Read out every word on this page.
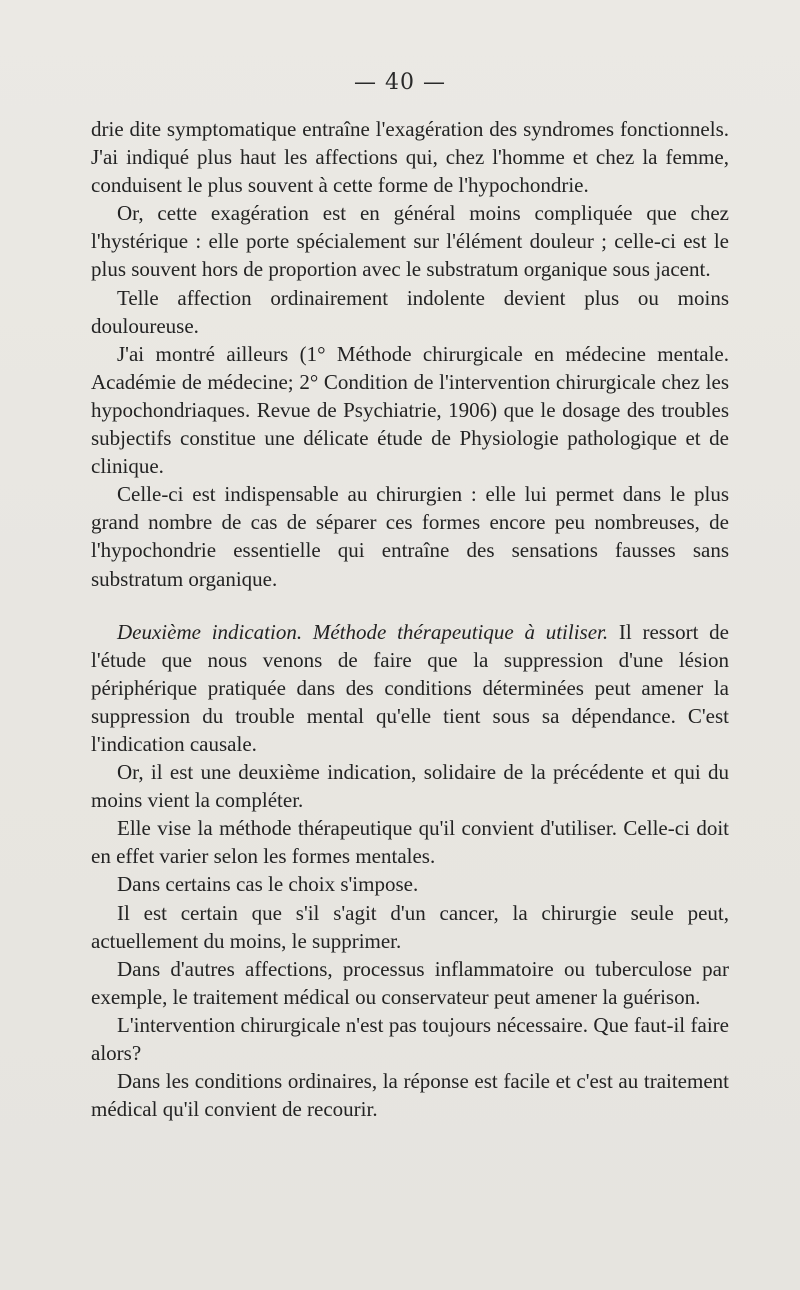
— 40 —

drie dite symptomatique entraîne l'exagération des syndromes fonctionnels. J'ai indiqué plus haut les affections qui, chez l'homme et chez la femme, conduisent le plus souvent à cette forme de l'hypochondrie.

Or, cette exagération est en général moins compliquée que chez l'hystérique : elle porte spécialement sur l'élément douleur ; celle-ci est le plus souvent hors de proportion avec le substratum organique sous jacent.

Telle affection ordinairement indolente devient plus ou moins douloureuse.

J'ai montré ailleurs (1° Méthode chirurgicale en médecine mentale. Académie de médecine; 2° Condition de l'intervention chirurgicale chez les hypochondriaques. Revue de Psychiatrie, 1906) que le dosage des troubles subjectifs constitue une délicate étude de Physiologie pathologique et de clinique.

Celle-ci est indispensable au chirurgien : elle lui permet dans le plus grand nombre de cas de séparer ces formes encore peu nombreuses, de l'hypochondrie essentielle qui entraîne des sensations fausses sans substratum organique.

Deuxième indication. Méthode thérapeutique à utiliser. Il ressort de l'étude que nous venons de faire que la suppression d'une lésion périphérique pratiquée dans des conditions déterminées peut amener la suppression du trouble mental qu'elle tient sous sa dépendance. C'est l'indication causale.

Or, il est une deuxième indication, solidaire de la précédente et qui du moins vient la compléter.

Elle vise la méthode thérapeutique qu'il convient d'utiliser. Celle-ci doit en effet varier selon les formes mentales.

Dans certains cas le choix s'impose.

Il est certain que s'il s'agit d'un cancer, la chirurgie seule peut, actuellement du moins, le supprimer.

Dans d'autres affections, processus inflammatoire ou tuberculose par exemple, le traitement médical ou conservateur peut amener la guérison.

L'intervention chirurgicale n'est pas toujours nécessaire. Que faut-il faire alors?

Dans les conditions ordinaires, la réponse est facile et c'est au traitement médical qu'il convient de recourir.
